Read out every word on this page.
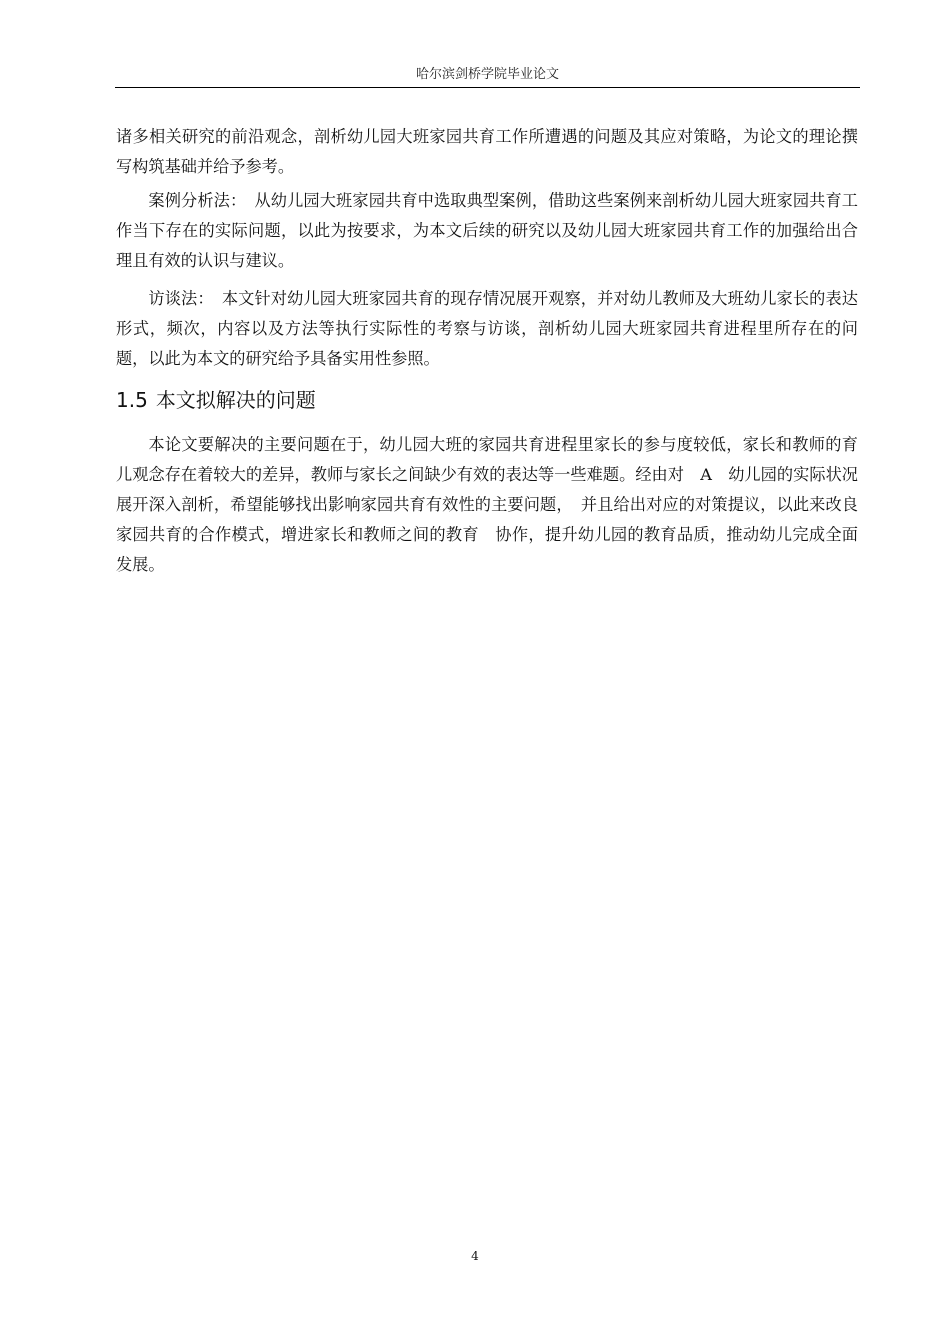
哈尔滨剑桥学院毕业论文

诸多相关研究的前沿观念，剖析幼儿园大班家园共育工作所遭遇的问题及其应对策略，为论文的理论撰写构筑基础并给予参考。

案例分析法：　从幼儿园大班家园共育中选取典型案例，借助这些案例来剖析幼儿园大班家园共育工作当下存在的实际问题，以此为按要求，为本文后续的研究以及幼儿园大班家园共育工作的加强给出合理且有效的认识与建议。

访谈法：　本文针对幼儿园大班家园共育的现存情况展开观察，并对幼儿教师及大班幼儿家长的表达形式，频次，内容以及方法等执行实际性的考察与访谈，剖析幼儿园大班家园共育进程里所存在的问题，以此为本文的研究给予具备实用性参照。

1.5 本文拟解决的问题

本论文要解决的主要问题在于，幼儿园大班的家园共育进程里家长的参与度较低，家长和教师的育儿观念存在着较大的差异，教师与家长之间缺少有效的表达等一些难题。经由对　A　幼儿园的实际状况展开深入剖析，希望能够找出影响家园共育有效性的主要问题，　并且给出对应的对策提议，以此来改良家园共育的合作模式，增进家长和教师之间的教育　协作，提升幼儿园的教育品质，推动幼儿完成全面发展。

4
